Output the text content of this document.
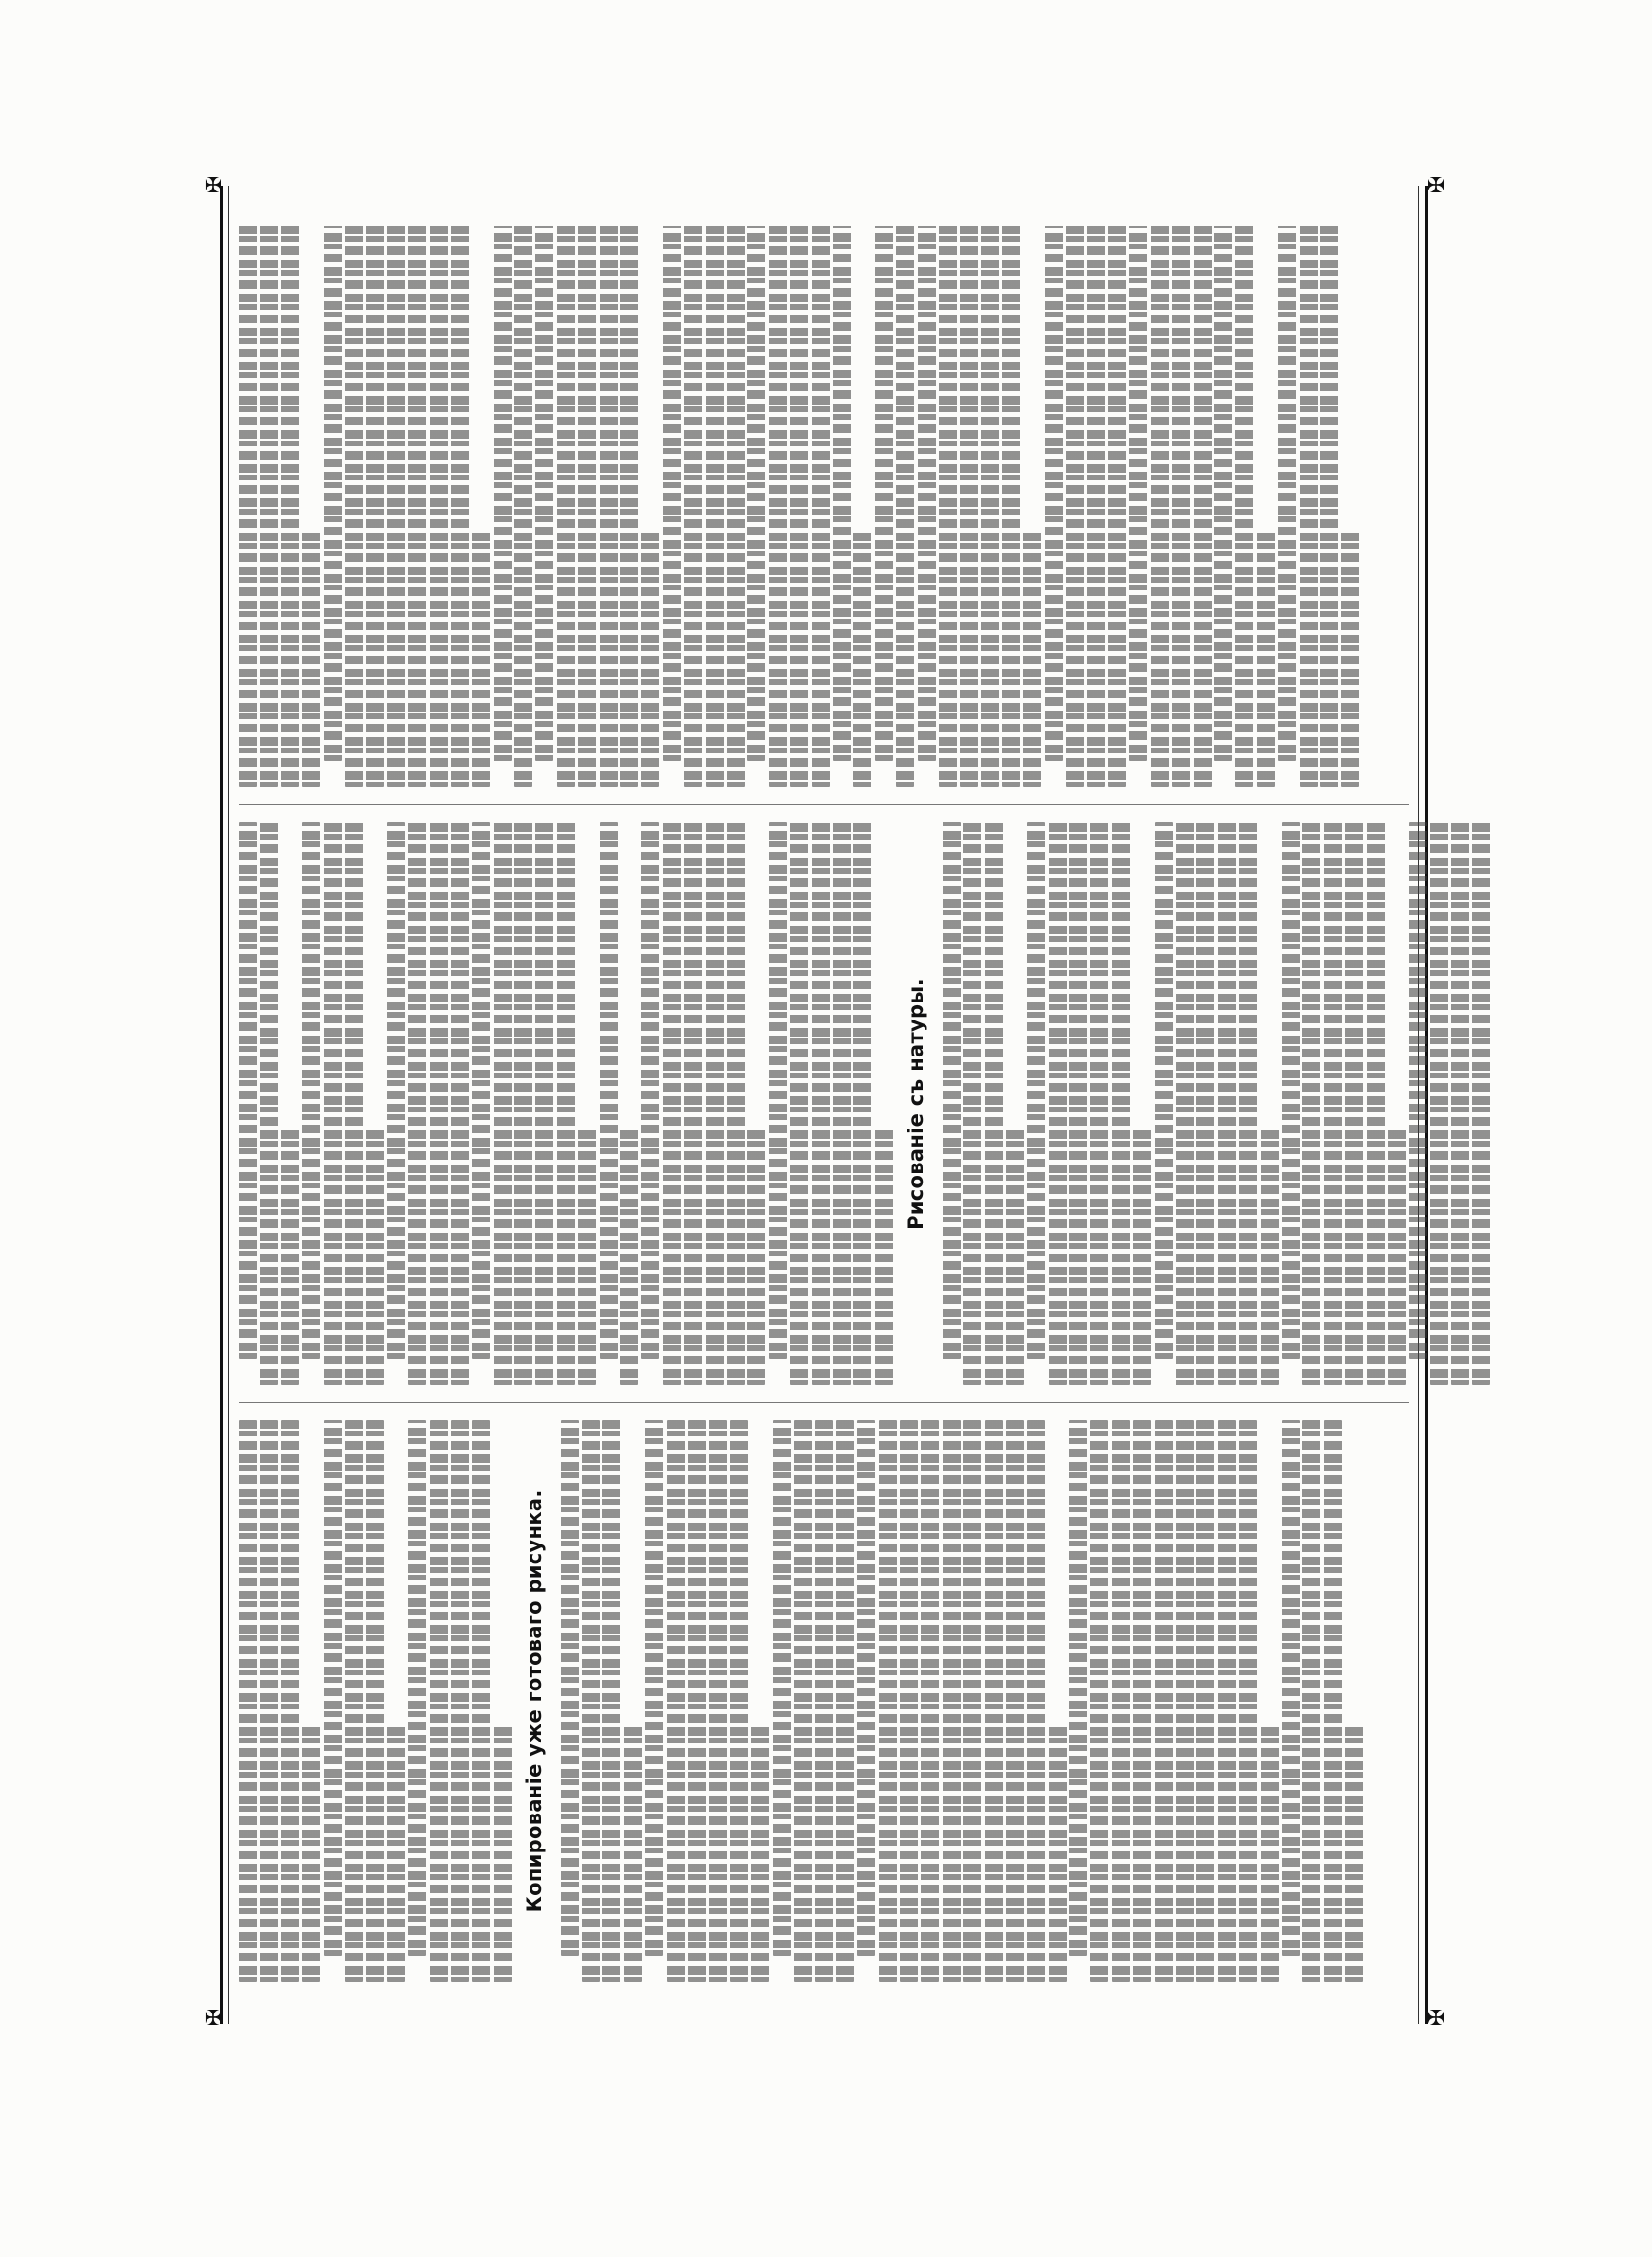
✠
✠
✠
✠
Копированіе уже готоваго рисунка.
Рисованіе съ натуры.
